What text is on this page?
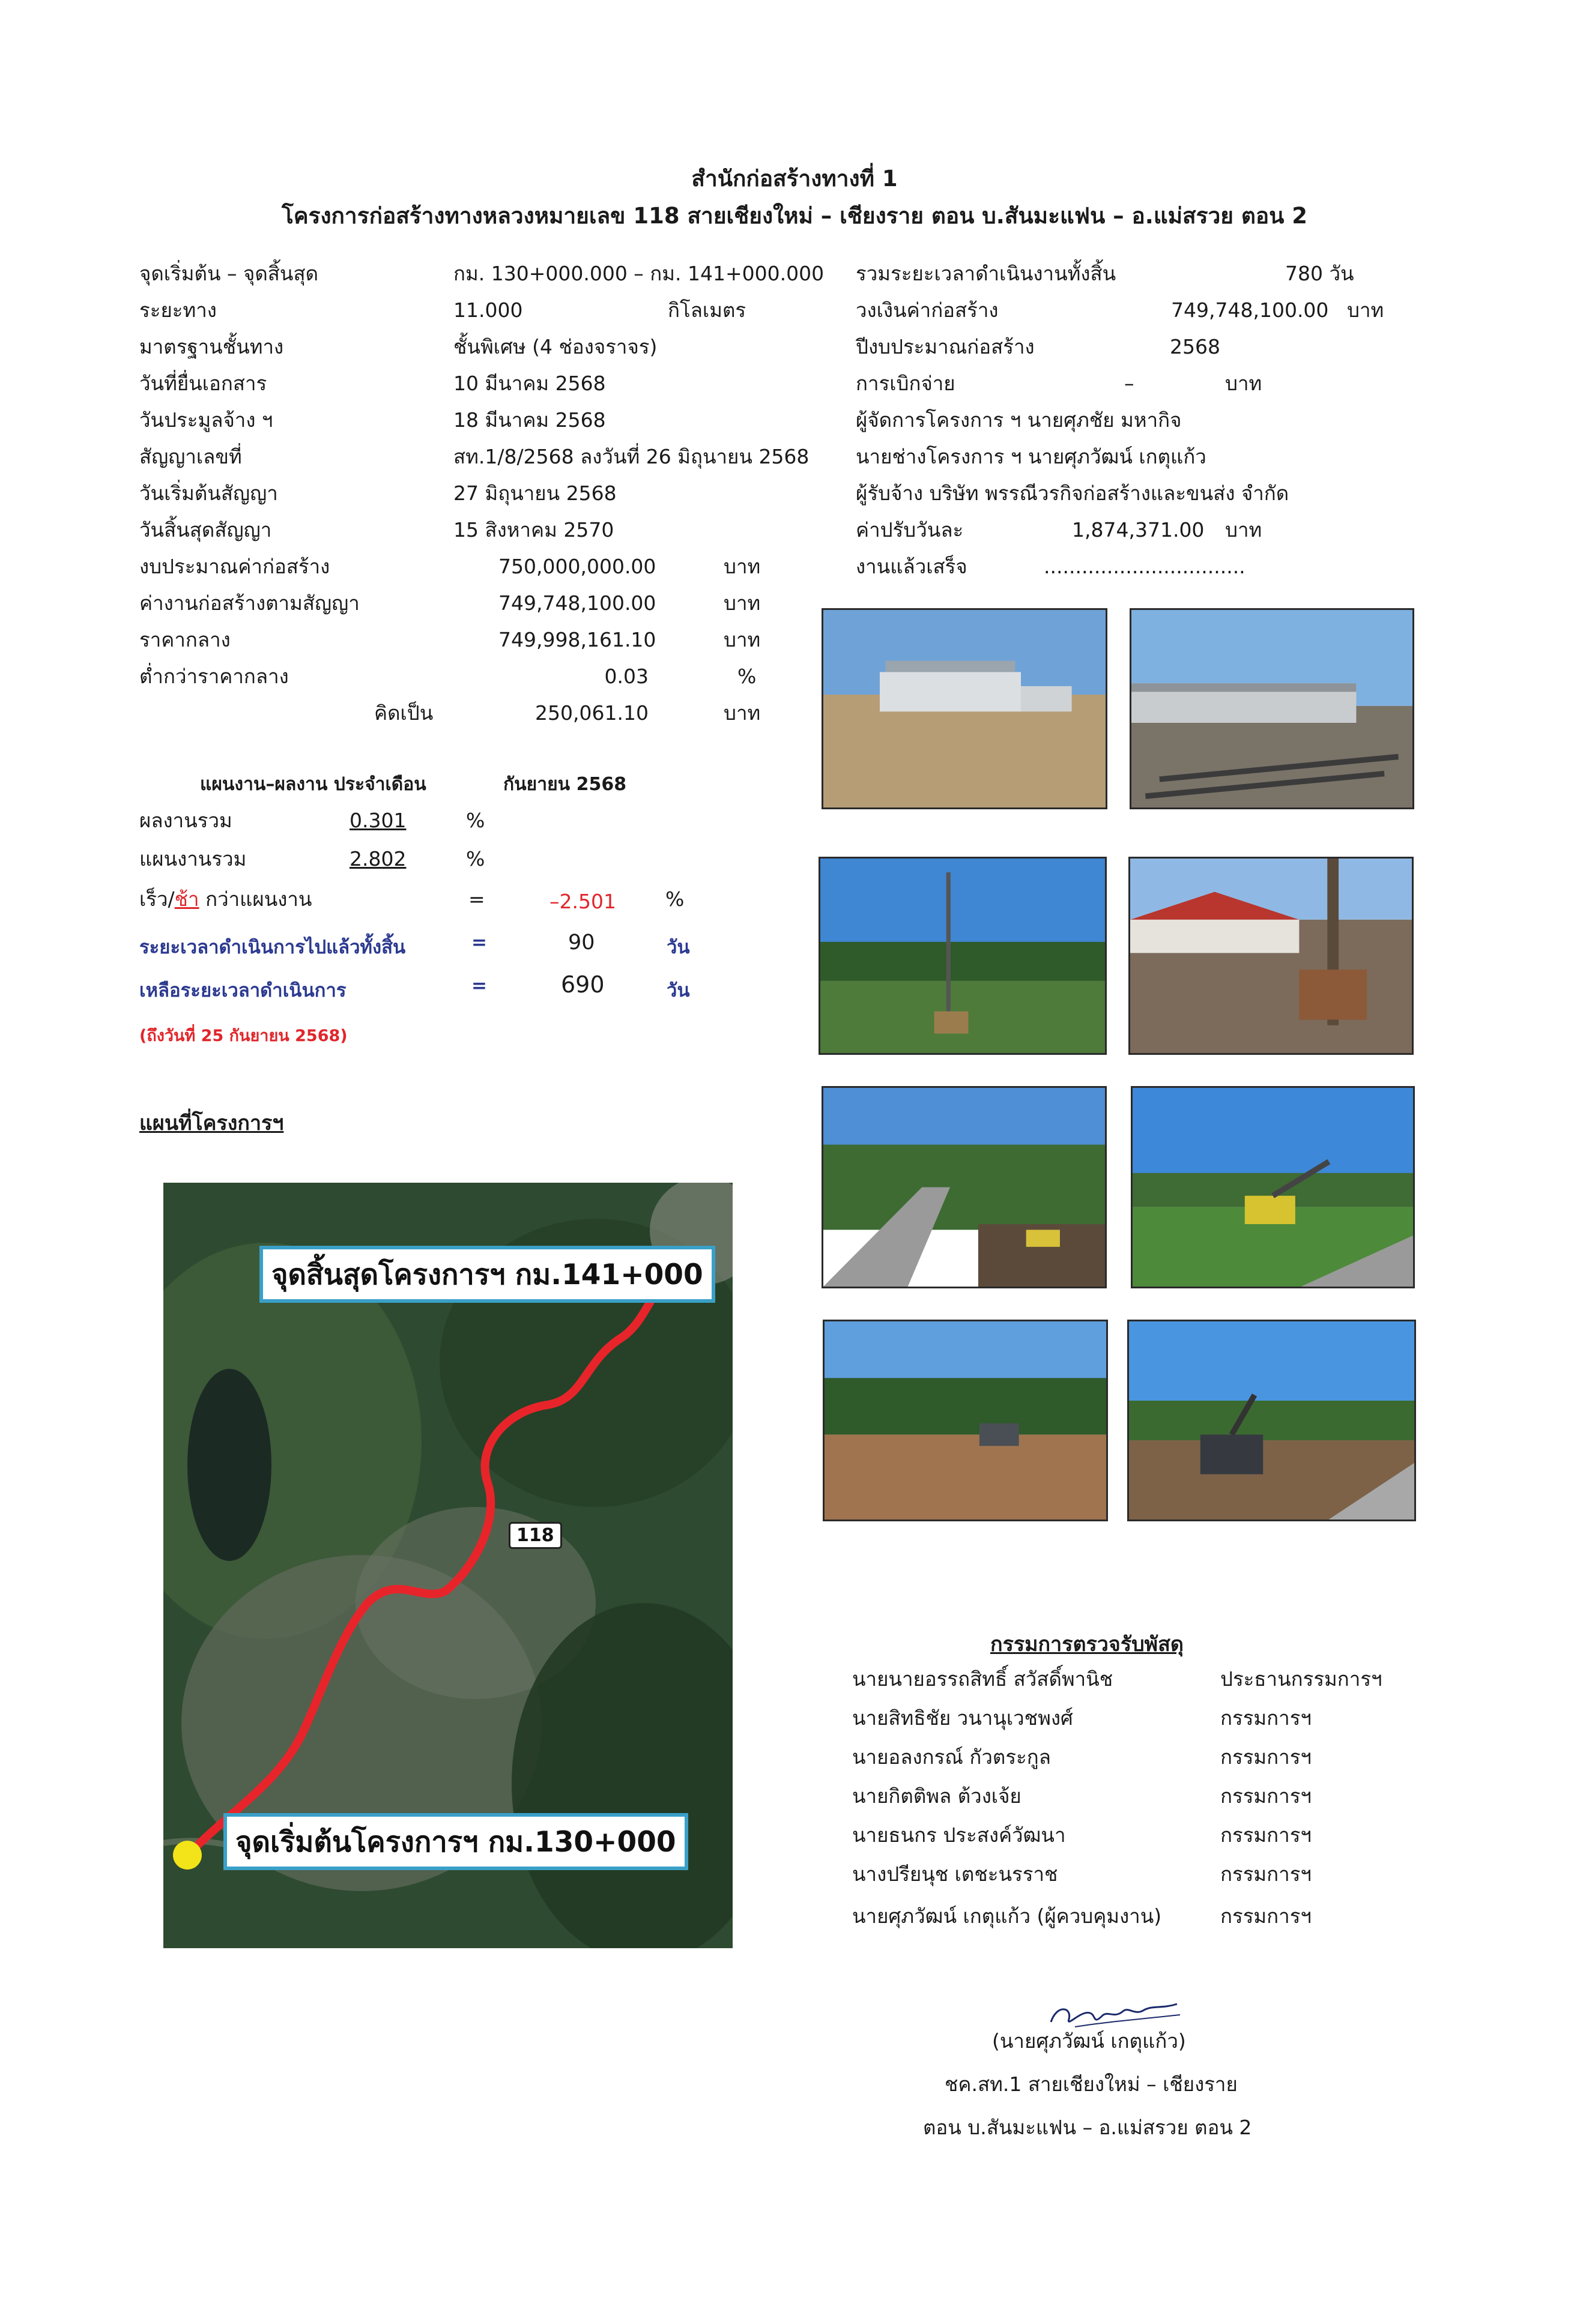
สำนักก่อสร้างทางที่ 1
โครงการก่อสร้างทางหลวงหมายเลข 118 สายเชียงใหม่ – เชียงราย ตอน บ.สันมะแฟน – อ.แม่สรวย ตอน 2
จุดเริ่มต้น – จุดสิ้นสุด	กม. 130+000.000 – กม. 141+000.000
ระยะทาง	11.000	กิโลเมตร
มาตรฐานชั้นทาง	ชั้นพิเศษ (4 ช่องจราจร)
วันที่ยื่นเอกสาร	10 มีนาคม 2568
วันประมูลจ้าง ฯ	18 มีนาคม 2568
สัญญาเลขที่	สท.1/8/2568 ลงวันที่ 26 มิถุนายน 2568
วันเริ่มต้นสัญญา	27 มิถุนายน 2568
วันสิ้นสุดสัญญา	15 สิงหาคม 2570
งบประมาณค่าก่อสร้าง	750,000,000.00	บาท
ค่างานก่อสร้างตามสัญญา	749,748,100.00	บาท
ราคากลาง	749,998,161.10	บาท
ต่ำกว่าราคากลาง	0.03	%
คิดเป็น	250,061.10	บาท
รวมระยะเวลาดำเนินงานทั้งสิ้น	780 วัน
วงเงินค่าก่อสร้าง	749,748,100.00 บาท
ปีงบประมาณก่อสร้าง	2568
การเบิกจ่าย	–	บาท
ผู้จัดการโครงการ ฯ นายศุภชัย มหากิจ
นายช่างโครงการ ฯ นายศุภวัฒน์ เกตุแก้ว
ผู้รับจ้าง บริษัท พรรณีวรกิจก่อสร้างและขนส่ง จำกัด
ค่าปรับวันละ	1,874,371.00 บาท
งานแล้วเสร็จ	................................
แผนงาน–ผลงาน ประจำเดือน	กันยายน 2568
ผลงานรวม	0.301	%
แผนงานรวม	2.802	%
เร็ว/ช้า กว่าแผนงาน	=	–2.501 %
ระยะเวลาดำเนินการไปแล้วทั้งสิ้น	=	90	วัน
เหลือระยะเวลาดำเนินการ	=	690	วัน
(ถึงวันที่ 25 กันยายน 2568)
แผนที่โครงการฯ
จุดสิ้นสุดโครงการฯ กม.141+000
จุดเริ่มต้นโครงการฯ กม.130+000
118
กรรมการตรวจรับพัสดุ
นายนายอรรถสิทธิ์ สวัสดิ์พานิช	ประธานกรรมการฯ
นายสิทธิชัย วนานุเวชพงศ์	กรรมการฯ
นายอลงกรณ์ กัวตระกูล	กรรมการฯ
นายกิตติพล ต้วงเจ้ย	กรรมการฯ
นายธนกร ประสงค์วัฒนา	กรรมการฯ
นางปรียนุช เตชะนรราช	กรรมการฯ
นายศุภวัฒน์ เกตุแก้ว (ผู้ควบคุมงาน)	กรรมการฯ
(นายศุภวัฒน์ เกตุแก้ว)
ชค.สท.1 สายเชียงใหม่ – เชียงราย
ตอน บ.สันมะแฟน – อ.แม่สรวย ตอน 2
